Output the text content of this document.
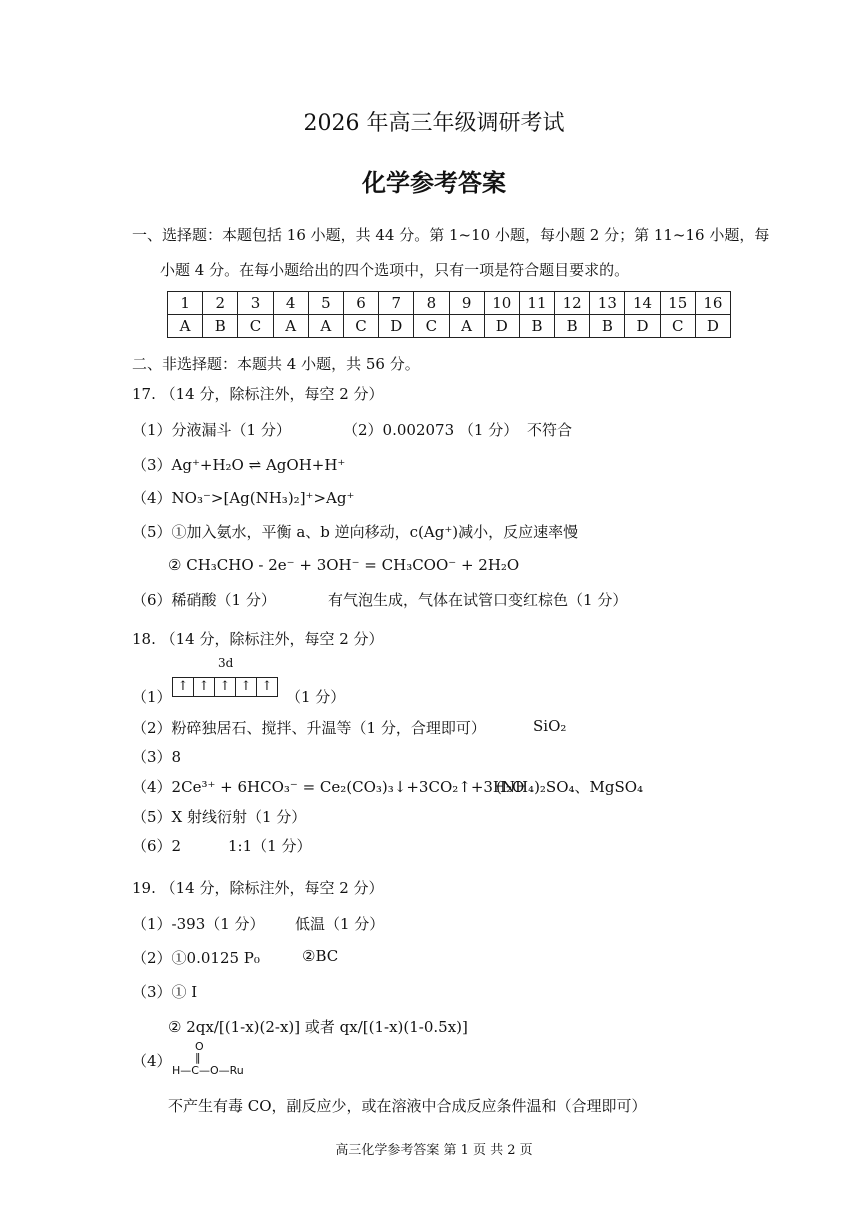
2026 年高三年级调研考试
化学参考答案
一、选择题：本题包括 16 小题，共 44 分。第 1~10 小题，每小题 2 分；第 11~16 小题，每
小题 4 分。在每小题给出的四个选项中，只有一项是符合题目要求的。
1	2	3	4	5	6	7	8	9	10	11	12	13	14	15	16
A	B	C	A	A	C	D	C	A	D	B	B	B	D	C	D
二、非选择题：本题共 4 小题，共 56 分。
17. （14 分，除标注外，每空 2 分）
（1）分液漏斗（1 分）	（2）0.002073 （1 分） 不符合
（3）Ag⁺+H₂O ⇌ AgOH+H⁺
（4）NO₃⁻>[Ag(NH₃)₂]⁺>Ag⁺
（5）①加入氨水，平衡 a、b 逆向移动，c(Ag⁺)减小，反应速率慢
② CH₃CHO - 2e⁻ + 3OH⁻ = CH₃COO⁻ + 2H₂O
（6）稀硝酸（1 分）	有气泡生成，气体在试管口变红棕色（1 分）
18. （14 分，除标注外，每空 2 分）
3d
（1）
↑ ↑ ↑ ↑ ↑
（1 分）
（2）粉碎独居石、搅拌、升温等（1 分，合理即可）	SiO₂
（3）8
（4）2Ce³⁺ + 6HCO₃⁻ = Ce₂(CO₃)₃↓+3CO₂↑+3H₂O
(NH₄)₂SO₄、MgSO₄
（5）X 射线衍射（1 分）
（6）2	1:1（1 分）
19. （14 分，除标注外，每空 2 分）
（1）-393（1 分） 低温（1 分）
（2）①0.0125 P₀	②BC
（3）① I
② 2qx/[(1-x)(2-x)] 或者 qx/[(1-x)(1-0.5x)]
（4）
O
‖
H—C—O—Ru
不产生有毒 CO，副反应少，或在溶液中合成反应条件温和（合理即可）
高三化学参考答案 第 1 页 共 2 页
